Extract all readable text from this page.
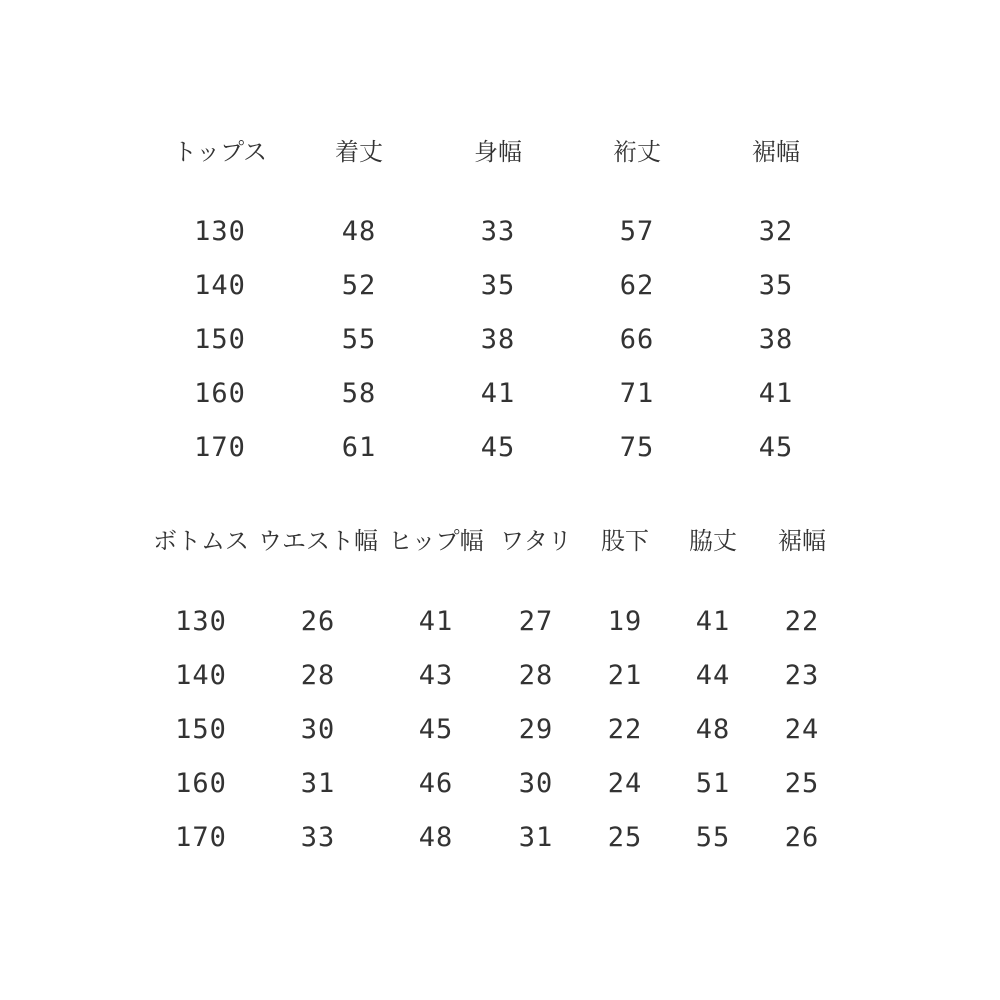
トップス	着丈	身幅	裄丈	裾幅
130	48	33	57	32
140	52	35	62	35
150	55	38	66	38
160	58	41	71	41
170	61	45	75	45
ボトムス ウエスト幅 ヒップ幅 ワタリ 股下 脇丈 裾幅
130	26	41 27 19 41 22
140	28	43 28 21 44 23
150	30	45 29 22 48 24
160	31	46 30 24 51 25
170	33	48 31 25 55 26
